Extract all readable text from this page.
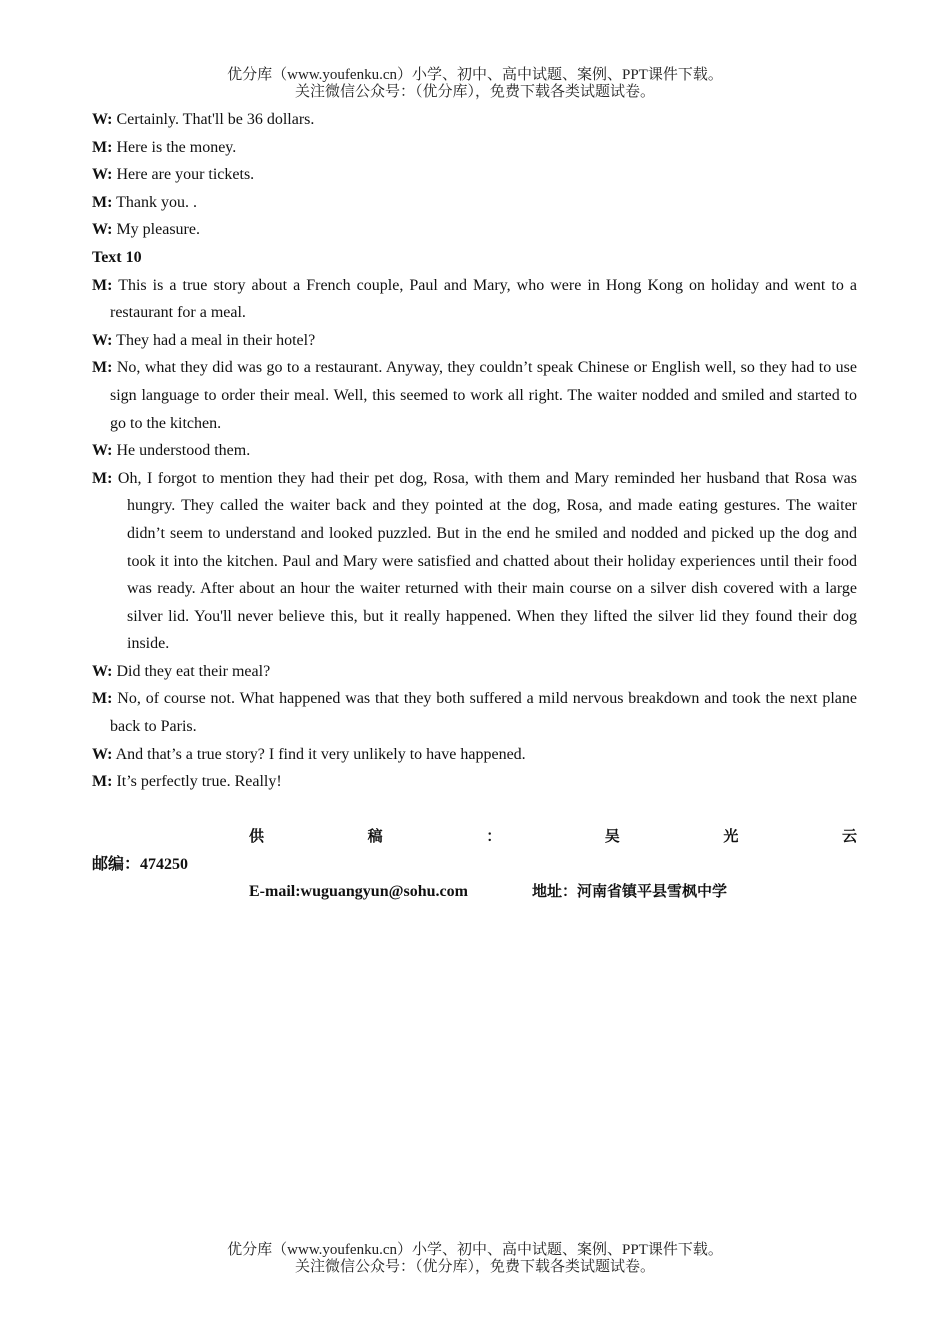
优分库（www.youfenku.cn）小学、初中、高中试题、案例、PPT课件下载。
关注微信公众号：（优分库），免费下载各类试题试卷。

W: Certainly. That'll be 36 dollars.

M: Here is the money.

W: Here are your tickets.

M: Thank you. .

W: My pleasure.

Text 10

M: This is a true story about a French couple, Paul and Mary, who were in Hong Kong on holiday and went to a restaurant for a meal.

W: They had a meal in their hotel?

M: No, what they did was go to a restaurant. Anyway, they couldn’t speak Chinese or English well, so they had to use sign language to order their meal. Well, this seemed to work all right. The waiter nodded and smiled and started to go to the kitchen.

W: He understood them.

M: Oh, I forgot to mention they had their pet dog, Rosa, with them and Mary reminded her husband that Rosa was hungry. They called the waiter back and they pointed at the dog, Rosa, and made eating gestures. The waiter didn’t seem to understand and looked puzzled. But in the end he smiled and nodded and picked up the dog and took it into the kitchen. Paul and Mary were satisfied and chatted about their holiday experiences until their food was ready. After about an hour the waiter returned with their main course on a silver dish covered with a large silver lid. You'll never believe this, but it really happened. When they lifted the silver lid they found their dog inside.

W: Did they eat their meal?

M: No, of course not. What happened was that they both suffered a mild nervous breakdown and took the next plane back to Paris.

W: And that’s a true story? I find it very unlikely to have happened.

M: It’s perfectly true. Really!

供	稿	：	吴	光	云

邮编：474250

E-mail:wuguangyun@sohu.com	地址：河南省镇平县雪枫中学

优分库（www.youfenku.cn）小学、初中、高中试题、案例、PPT课件下载。
关注微信公众号：（优分库），免费下载各类试题试卷。
